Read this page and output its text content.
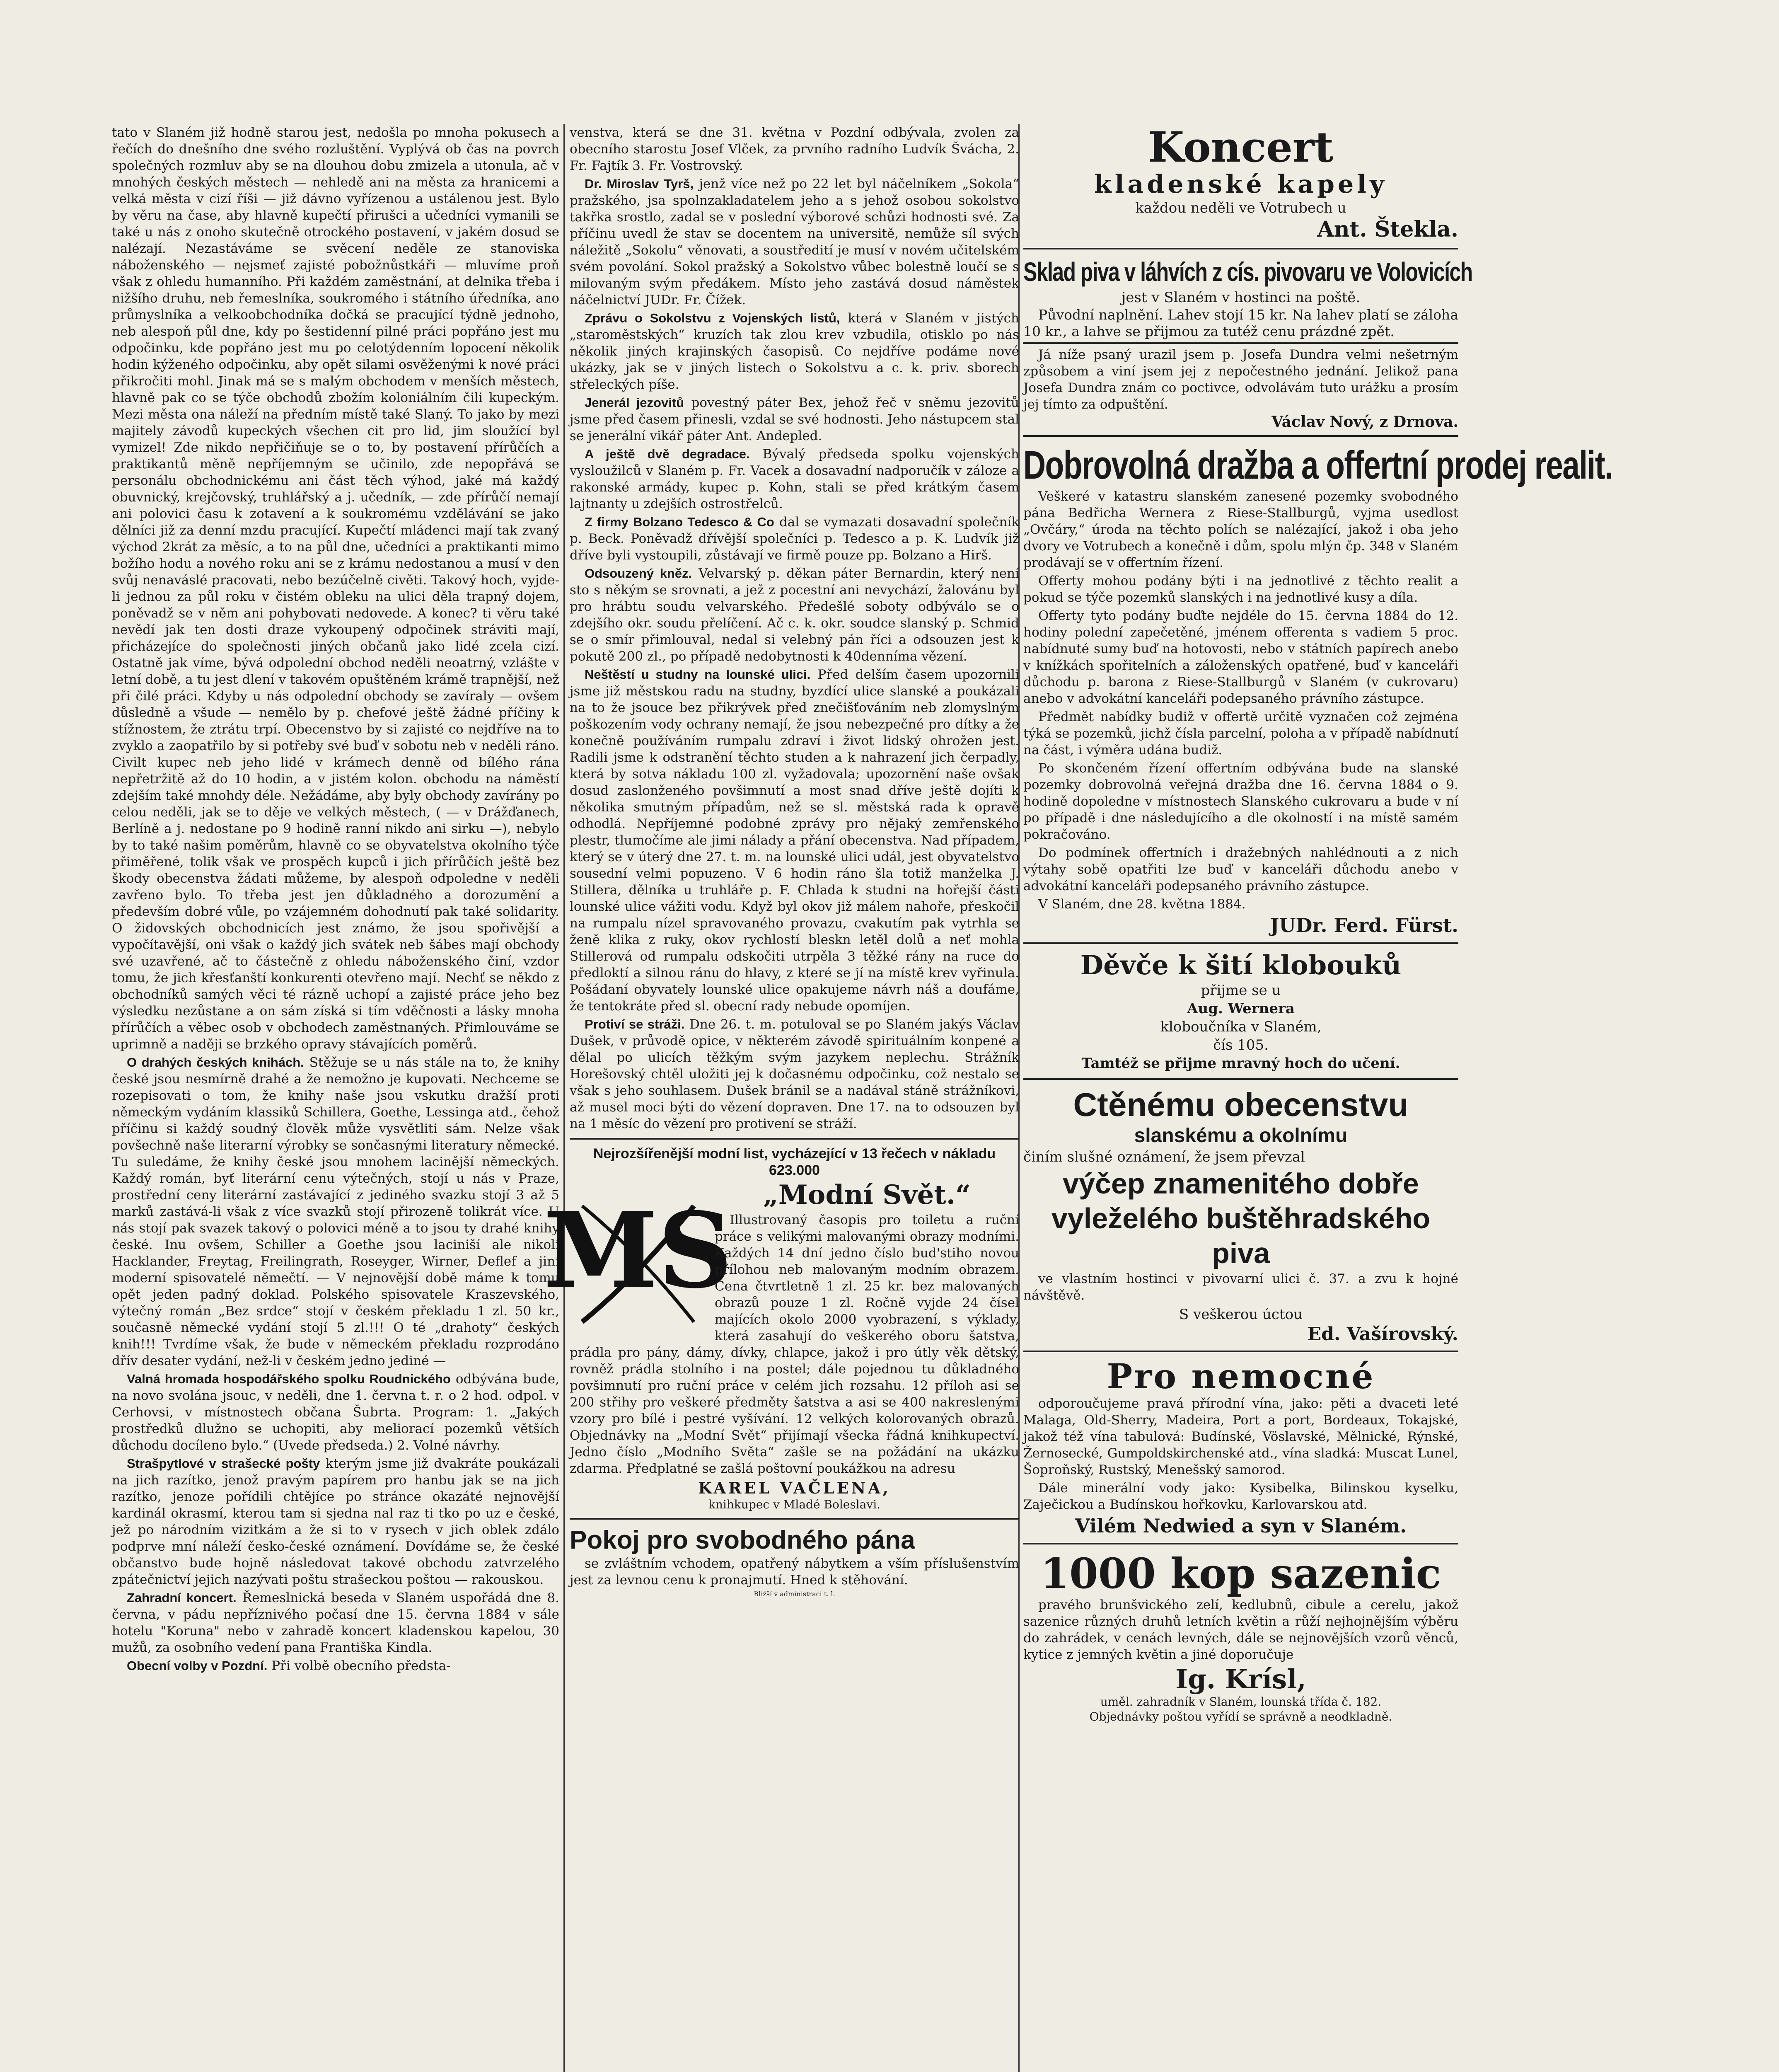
tato v Slaném již hodně starou jest, nedošla po mnoha pokusech a řečích do dnešního dne svého rozluštění. Vyplývá ob čas na povrch společných rozmluv aby se na dlouhou dobu zmizela a utonula, ač v mnohých českých městech — nehledě ani na města za hranicemi a velká města v cizí říši — již dávno vyřízenou a ustálenou jest. Bylo by věru na čase, aby hlavně kupečtí přirušci a učedníci vymanili se také u nás z onoho skutečně otrockého postavení, v jakém dosud se nalézají. Nezastáváme se svěcení neděle ze stanoviska náboženského — nejsmeť zajisté pobožnůstkáři — mluvíme proň však z ohledu humanního. Při každém zaměstnání, at delnika třeba i nižšího druhu, neb řemeslníka, soukromého i státního úředníka, ano průmyslníka a velkoobchodníka dočká se pracující týdně jednoho, neb alespoň půl dne, kdy po šestidenní pilné práci popřáno jest mu odpočinku, kde popřáno jest mu po celotýdenním lopocení několik hodin kýženého odpočinku, aby opět silami osvěženými k nové práci přikročiti mohl. Jinak má se s malým obchodem v menších městech, hlavně pak co se týče obchodů zbožím koloniálním čili kupeckým. Mezi města ona náleží na předním místě také Slaný. To jako by mezi majitely závodů kupeckých všechen cit pro lid, jim sloužící byl vymizel! Zde nikdo nepřičiňuje se o to, by postavení přírůčích a praktikantů měně nepříjemným se učinilo, zde nepopřává se personálu obchodnickému ani část těch výhod, jaké má každý obuvnický, krejčovský, truhlářský a j. učedník, — zde přírůčí nemají ani polovici času k zotavení a k soukromému vzdělávání se jako dělníci již za denní mzdu pracující. Kupečtí mládenci mají tak zvaný východ 2krát za měsíc, a to na půl dne, učedníci a praktikanti mimo božího hodu a nového roku ani se z krámu nedostanou a musí v den svůj nenaváslé pracovati, nebo bezúčelně civěti. Takový hoch, vyjde-li jednou za půl roku v čistém obleku na ulici děla trapný dojem, poněvadž se v něm ani pohybovati nedovede. A konec? ti věru také nevědí jak ten dosti draze vykoupený odpočinek stráviti mají, přicházejíce do společnosti jiných občanů jako lidé zcela cizí. Ostatně jak víme, bývá odpolední obchod neděli neoatrný, vzlášte v letní době, a tu jest dlení v takovém opuštěném krámě trapnější, než při čilé práci. Kdyby u nás odpolední obchody se zavíraly — ovšem důsledně a všude — nemělo by p. chefové ještě žádné příčiny k stížnostem, že ztrátu trpí. Obecenstvo by si zajisté co nejdříve na to zvyklo a zaopatřilo by si potřeby své buď v sobotu neb v neděli ráno. Civilt kupec neb jeho lidé v krámech denně od bílého rána nepřetržitě až do 10 hodin, a v jistém kolon. obchodu na náměstí zdejším také mnohdy déle. Nežádáme, aby byly obchody zavírány po celou neděli, jak se to děje ve velkých městech, ( — v Drážďanech, Berlíně a j. nedostane po 9 hodině ranní nikdo ani sirku —), nebylo by to také našim poměrům, hlavně co se obyvatelstva okolního týče přiměřené, tolik však ve prospěch kupců i jich přírůčích ještě bez škody obecenstva žádati můžeme, by alespoň odpoledne v neděli zavřeno bylo. To třeba jest jen důkladného a dorozumění a především dobré vůle, po vzájemném dohodnutí pak také solidarity. O židovských obchodnicích jest známo, že jsou spořivější a vypočítavější, oni však o každý jich svátek neb šábes mají obchody své uzavřené, ač to částečně z ohledu náboženského činí, vzdor tomu, že jich křesťanští konkurenti otevřeno mají. Nechť se někdo z obchodníků samých věci té rázně uchopí a zajisté práce jeho bez výsledku nezůstane a on sám získá si tím vděčnosti a lásky mnoha přírůčích a věbec osob v obchodech zaměstnaných. Přimlouváme se uprimně a naději se brzkého opravy stávajících poměrů.

O drahých českých knihách. Stěžuje se u nás stále na to, že knihy české jsou nesmírně drahé a že nemožno je kupovati. Nechceme se rozepisovati o tom, že knihy naše jsou vskutku dražší proti německým vydáním klassiků Schillera, Goethe, Lessinga atd., čehož příčinu si každý soudný člověk může vysvětliti sám. Nelze však povšechně naše literarní výrobky se sončasnými literatury německé. Tu suledáme, že knihy české jsou mnohem lacinější německých. Každý román, byť literární cenu výtečných, stojí u nás v Praze, prostřední ceny literární zastávající z jediného svazku stojí 3 až 5 marků zastává-li však z více svazků stojí přirozeně tolikrát více. U nás stojí pak svazek takový o polovici méně a to jsou ty drahé knihy české. Inu ovšem, Schiller a Goethe jsou laciniší ale nikoli Hacklander, Freytag, Freilingrath, Roseyger, Wirner, Deflef a jiní moderní spisovatelé němečtí. — V nejnovější době máme k tomu opět jeden padný doklad. Polského spisovatele Kraszevského, výtečný román „Bez srdce“ stojí v českém překladu 1 zl. 50 kr., současně německé vydání stojí 5 zl.!!! O té „drahoty“ českých knih!!! Tvrdíme však, že bude v německém překladu rozprodáno dřív desater vydání, než-li v českém jedno jediné —

Valná hromada hospodářského spolku Roudnického odbývána bude, na novo svolána jsouc, v neděli, dne 1. června t. r. o 2 hod. odpol. v Cerhovsi, v místnostech občana Šubrta. Program: 1. „Jakých prostředků dlužno se uchopiti, aby meliorací pozemků větších důchodu docíleno bylo.“ (Uvede předseda.) 2. Volné návrhy.

Strašpytlové v strašecké pošty kterým jsme již dvakráte poukázali na jich razítko, jenož pravým papírem pro hanbu jak se na jich razítko, jenoze pořídili chtějíce po stránce okazáté nejnovější kardinál okrasmí, kterou tam si sjedna nal raz ti tko po uz e české, jež po národním vizitkám a že si to v rysech v jich oblek zdálo podprve mní náleží česko-české oznámení. Dovídáme se, že české občanstvo bude hojně následovat takové obchodu zatvrzelého zpátečnictví jejich nazývati poštu strašeckou poštou — rakouskou.

Zahradní koncert. Řemeslnická beseda v Slaném uspořádá dne 8. června, v pádu nepříznivého počasí dne 15. června 1884 v sále hotelu "Koruna" nebo v zahradě koncert kladenskou kapelou, 30 mužů, za osobního vedení pana Františka Kindla.

Obecní volby v Pozdní. Při volbě obecního předsta-

venstva, která se dne 31. května v Pozdní odbývala, zvolen za obecního starostu Josef Vlček, za prvního radního Ludvík Švácha, 2. Fr. Fajtík 3. Fr. Vostrovský.

Dr. Miroslav Tyrš, jenž více než po 22 let byl náčelníkem „Sokola“ pražského, jsa spolnzakladatelem jeho a s jehož osobou sokolstvo takřka srostlo, zadal se v poslední výborové schůzi hodnosti své. Za příčinu uvedl že stav se docentem na universitě, nemůže síl svých náležitě „Sokolu“ věnovati, a soustředití je musí v novém učitelském svém povolání. Sokol pražský a Sokolstvo vůbec bolestně loučí se s milovaným svým předákem. Místo jeho zastává dosud náměstek náčelnictví JUDr. Fr. Čížek.

Zprávu o Sokolstvu z Vojenských listů, která v Slaném v jistých „staroměstských“ kruzích tak zlou krev vzbudila, otisklo po nás několik jiných krajinských časopisů. Co nejdříve podáme nové ukázky, jak se v jiných listech o Sokolstvu a c. k. priv. sborech střeleckých píše.

Jenerál jezovitů povestný páter Bex, jehož řeč v sněmu jezovitů jsme před časem přinesli, vzdal se své hodnosti. Jeho nástupcem stal se jenerální vikář páter Ant. Andepled.

A ještě dvě degradace. Bývalý předseda spolku vojenských vysloužilců v Slaném p. Fr. Vacek a dosavadní nadporučík v záloze a rakonské armády, kupec p. Kohn, stali se před krátkým časem lajtnanty u zdejších ostrostřelců.

Z firmy Bolzano Tedesco & Co dal se vymazati dosavadní společník p. Beck. Poněvadž dřívější společníci p. Tedesco a p. K. Ludvík již dříve byli vystoupili, zůstávají ve firmě pouze pp. Bolzano a Hirš.

Odsouzený kněz. Velvarský p. děkan páter Bernardin, který není sto s někým se srovnati, a jež z pocestní ani nevychází, žalovánu byl pro hrábtu soudu velvarského. Předešlé soboty odbýválo se o zdejšího okr. soudu přelíčení. Ač c. k. okr. soudce slanský p. Schmid se o smír přimlouval, nedal si velebný pán říci a odsouzen jest k pokutě 200 zl., po případě nedobytnosti k 40denníma vězení.

Neštěstí u studny na lounské ulici. Před delším časem upozornili jsme již městskou radu na studny, byzdící ulice slanské a poukázali na to že jsouce bez přikrývek před znečišťováním neb zlomyslným poškozením vody ochrany nemají, že jsou nebezpečné pro dítky a že konečně používáním rumpalu zdraví i život lidský ohrožen jest. Radili jsme k odstranění těchto studen a k nahrazení jich čerpadly, která by sotva nákladu 100 zl. vyžadovala; upozornění naše ovšak dosud zaslonženého povšimnutí a most snad dříve ještě dojíti k několika smutným případům, než se sl. městská rada k opravě odhodlá. Nepříjemné podobné zprávy pro nějaký zemřenského plestr, tlumočíme ale jimi nálady a přání obecenstva. Nad případem, který se v úterý dne 27. t. m. na lounské ulici udál, jest obyvatelstvo sousední velmi popuzeno. V 6 hodin ráno šla totiž manželka J. Stillera, dělníka u truhláře p. F. Chlada k studni na hořejší části lounské ulice vážiti vodu. Když byl okov již málem nahoře, přeskočil na rumpalu nízel spravovaného provazu, cvakutím pak vytrhla se ženě klika z ruky, okov rychlostí bleskn letěl dolů a neť mohla Stillerová od rumpalu odskočiti utrpěla 3 těžké rány na ruce do předloktí a silnou ránu do hlavy, z které se jí na místě krev vyřinula. Pošádaní obyvately lounské ulice opakujeme návrh náš a doufáme, že tentokráte před sl. obecní rady nebude opomíjen.

Protiví se stráži. Dne 26. t. m. potuloval se po Slaném jakýs Václav Dušek, v průvodě opice, v některém závodě spirituálním konpené a dělal po ulicích těžkým svým jazykem neplechu. Strážník Horešovský chtěl uložiti jej k dočasnému odpočinku, což nestalo se však s jeho souhlasem. Dušek bránil se a nadával stáně strážníkovi, až musel moci býti do vězení dopraven. Dne 17. na to odsouzen byl na 1 měsíc do vězení pro protivení se stráží.

Nejrozšířenější modní list, vycházející v 13 řečech v nákladu 623.000
MS	„Modní Svět.“

Illustrovaný časopis pro toiletu a ruční práce s velikými malovanými obrazy modními. Každých 14 dní jedno číslo bud'stiho novou přílohou neb malovaným modním obrazem. Cena čtvrtletně 1 zl. 25 kr. bez malovaných obrazů pouze 1 zl. Ročně vyjde 24 čísel majících okolo 2000 vyobrazení, s výklady, která zasahují do veškerého oboru šatstva, prádla pro pány, dámy, dívky, chlapce, jakož i pro útly věk dětský, rovněž prádla stolního i na postel; dále pojednou tu důkladného povšimnutí pro ruční práce v celém jich rozsahu. 12 příloh asi se 200 střihy pro veškeré předměty šatstva a asi se 400 nakreslenými vzory pro bílé i pestré vyšívání. 12 velkých kolorovaných obrazů. Objednávky na „Modní Svět“ přijímají všecka řádná knihkupectví. Jedno číslo „Modního Světa“ zašle se na požádání na ukázku zdarma. Předplatné se zašlá poštovní poukážkou na adresu

KAREL VAČLENA,
knihkupec v Mladé Boleslavi.
Pokoj pro svobodného pána

se zvláštním vchodem, opatřený nábytkem a vším příslušenstvím jest za levnou cenu k pronajmutí. Hned k stěhování.

Bližší v administraci t. l.
Koncert
kladenské kapely
každou neděli ve Votrubech u
Ant. Štekla.
Sklad piva v láhvích z cís. pivovaru ve Volovicích
jest v Slaném v hostinci na poště.

Původní naplnění. Lahev stojí 15 kr. Na lahev platí se záloha 10 kr., a lahve se přijmou za tutéž cenu prázdné zpět.

Já níže psaný urazil jsem p. Josefa Dundra velmi nešetrným způsobem a viní jsem jej z nepočestného jednání. Jelikož pana Josefa Dundra znám co poctivce, odvolávám tuto urážku a prosím jej tímto za odpuštění.

Václav Nový, z Drnova.
Dobrovolná dražba a offertní prodej realit.

Veškeré v katastru slanském zanesené pozemky svobodného pána Bedřicha Wernera z Riese-Stallburgů, vyjma usedlost „Ovčáry,“ úroda na těchto polích se nalézající, jakož i oba jeho dvory ve Votrubech a konečně i dům, spolu mlýn čp. 348 v Slaném prodávají se v offertním řízení.

Offerty mohou podány býti i na jednotlivé z těchto realit a pokud se týče pozemků slanských i na jednotlivé kusy a díla.

Offerty tyto podány buďte nejdéle do 15. června 1884 do 12. hodiny polední zapečetěné, jménem offerenta s vadiem 5 proc. nabídnuté sumy buď na hotovosti, nebo v státních papírech anebo v knížkách spořitelních a záloženských opatřené, buď v kanceláři důchodu p. barona z Riese-Stallburgů v Slaném (v cukrovaru) anebo v advokátní kanceláři podepsaného právního zástupce.

Předmět nabídky budiž v offertě určitě vyznačen což zejména týká se pozemků, jichž čísla parcelní, poloha a v případě nabídnutí na část, i výměra udána budiž.

Po skončeném řízení offertním odbývána bude na slanské pozemky dobrovolná veřejná dražba dne 16. června 1884 o 9. hodině dopoledne v místnostech Slanského cukrovaru a bude v ní po případě i dne následujícího a dle okolností i na místě samém pokračováno.

Do podmínek offertních i dražebných nahlédnouti a z nich výtahy sobě opatřiti lze buď v kanceláři důchodu anebo v advokátní kanceláři podepsaného právního zástupce.

V Slaném, dne 28. května 1884.

JUDr. Ferd. Fürst.
Děvče k šití klobouků
přijme se u
Aug. Wernera
kloboučníka v Slaném,
čís 105.
Tamtéž se přijme mravný hoch do učení.
Ctěnému obecenstvu
slanskému a okolnímu
činím slušné oznámení, že jsem převzal
výčep znamenitého dobře vyleželého buštěhradského piva

ve vlastním hostinci v pivovarní ulici č. 37. a zvu k hojné návštěvě.

S veškerou úctou
Ed. Vašírovský.
Pro nemocné

odporoučujeme pravá přírodní vína, jako: pěti a dvaceti leté Malaga, Old-Sherry, Madeira, Port a port, Bordeaux, Tokajské, jakož též vína tabulová: Budínské, Vöslavské, Mělnické, Rýnské, Žernosecké, Gumpoldskirchenské atd., vína sladká: Muscat Lunel, Šoproňský, Rustský, Menešský samorod.

Dále minerální vody jako: Kysibelka, Bilinskou kyselku, Zaječickou a Budínskou hořkovku, Karlovarskou atd.

Vilém Nedwied a syn v Slaném.
1000 kop sazenic

pravého brunšvického zelí, kedlubnů, cibule a cerelu, jakož sazenice různých druhů letních květin a růží nejhojnějším výběru do zahrádek, v cenách levných, dále se nejnovějších vzorů věnců, kytice z jemných květin a jiné doporučuje

Ig. Krísl,
uměl. zahradník v Slaném, lounská třída č. 182.
Objednávky poštou vyřídí se správně a neodkladně.
